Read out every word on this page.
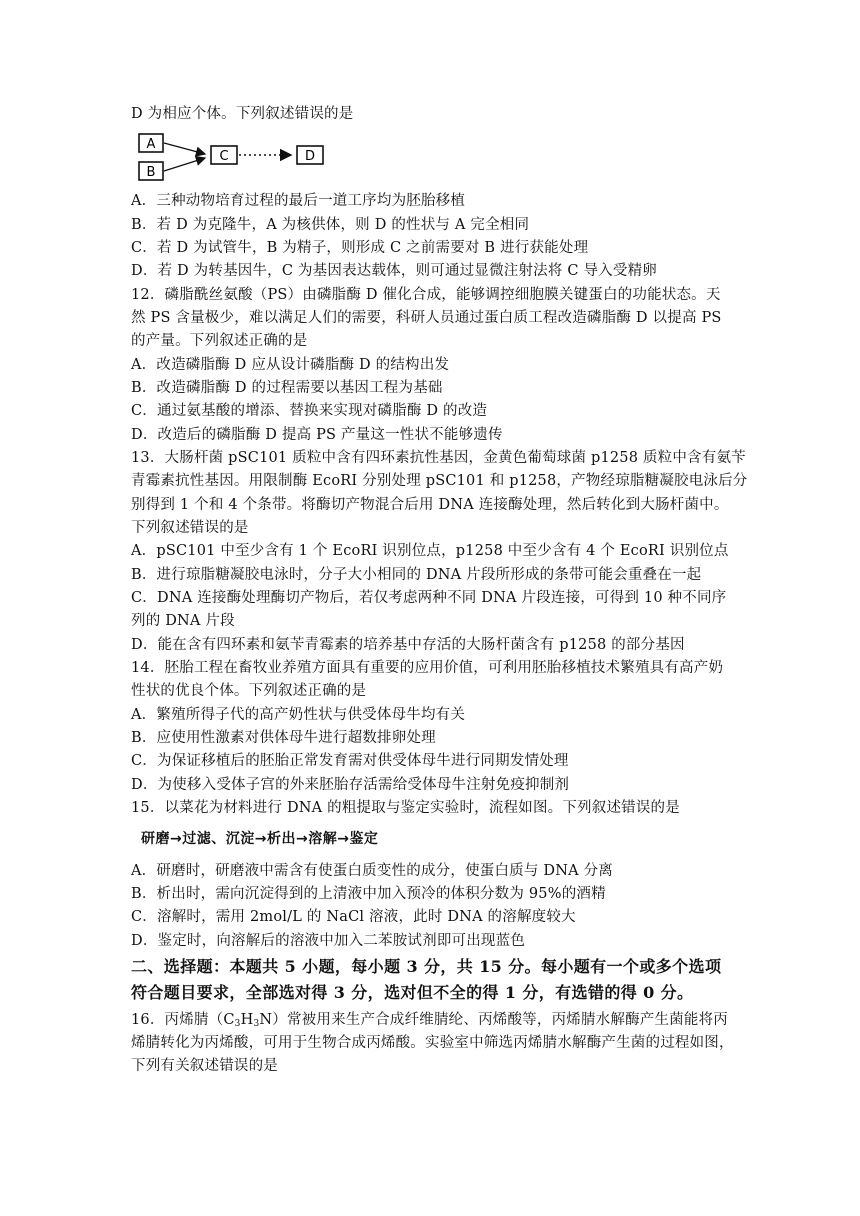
D 为相应个体。下列叙述错误的是
A
B
C	D
A．三种动物培育过程的最后一道工序均为胚胎移植
B．若 D 为克隆牛，A 为核供体，则 D 的性状与 A 完全相同
C．若 D 为试管牛，B 为精子，则形成 C 之前需要对 B 进行获能处理
D．若 D 为转基因牛，C 为基因表达载体，则可通过显微注射法将 C 导入受精卵
12．磷脂酰丝氨酸（PS）由磷脂酶 D 催化合成，能够调控细胞膜关键蛋白的功能状态。天
然 PS 含量极少，难以满足人们的需要，科研人员通过蛋白质工程改造磷脂酶 D 以提高 PS
的产量。下列叙述正确的是
A．改造磷脂酶 D 应从设计磷脂酶 D 的结构出发
B．改造磷脂酶 D 的过程需要以基因工程为基础
C．通过氨基酸的增添、替换来实现对磷脂酶 D 的改造
D．改造后的磷脂酶 D 提高 PS 产量这一性状不能够遗传
13．大肠杆菌 pSC101 质粒中含有四环素抗性基因，金黄色葡萄球菌 p1258 质粒中含有氨苄
青霉素抗性基因。用限制酶 EcoRI 分别处理 pSC101 和 p1258，产物经琼脂糖凝胶电泳后分
别得到 1 个和 4 个条带。将酶切产物混合后用 DNA 连接酶处理，然后转化到大肠杆菌中。
下列叙述错误的是
A．pSC101 中至少含有 1 个 EcoRI 识别位点，p1258 中至少含有 4 个 EcoRI 识别位点
B．进行琼脂糖凝胶电泳时，分子大小相同的 DNA 片段所形成的条带可能会重叠在一起
C．DNA 连接酶处理酶切产物后，若仅考虑两种不同 DNA 片段连接，可得到 10 种不同序
列的 DNA 片段
D．能在含有四环素和氨苄青霉素的培养基中存活的大肠杆菌含有 p1258 的部分基因
14．胚胎工程在畜牧业养殖方面具有重要的应用价值，可利用胚胎移植技术繁殖具有高产奶
性状的优良个体。下列叙述正确的是
A．繁殖所得子代的高产奶性状与供受体母牛均有关
B．应使用性激素对供体母牛进行超数排卵处理
C．为保证移植后的胚胎正常发育需对供受体母牛进行同期发情处理
D．为使移入受体子宫的外来胚胎存活需给受体母牛注射免疫抑制剂
15．以菜花为材料进行 DNA 的粗提取与鉴定实验时，流程如图。下列叙述错误的是
研磨→过滤、沉淀→析出→溶解→鉴定
A．研磨时，研磨液中需含有使蛋白质变性的成分，使蛋白质与 DNA 分离
B．析出时，需向沉淀得到的上清液中加入预冷的体积分数为 95%的酒精
C．溶解时，需用 2mol/L 的 NaCl 溶液，此时 DNA 的溶解度较大
D．鉴定时，向溶解后的溶液中加入二苯胺试剂即可出现蓝色
二、选择题：本题共 5 小题，每小题 3 分，共 15 分。每小题有一个或多个选项
符合题目要求，全部选对得 3 分，选对但不全的得 1 分，有选错的得 0 分。
16．丙烯腈$(C_3H_3N)$常被用来生产合成纤维腈纶、丙烯酸等，丙烯腈水解酶产生菌能将丙
烯腈转化为丙烯酸，可用于生物合成丙烯酸。实验室中筛选丙烯腈水解酶产生菌的过程如图，
下列有关叙述错误的是
